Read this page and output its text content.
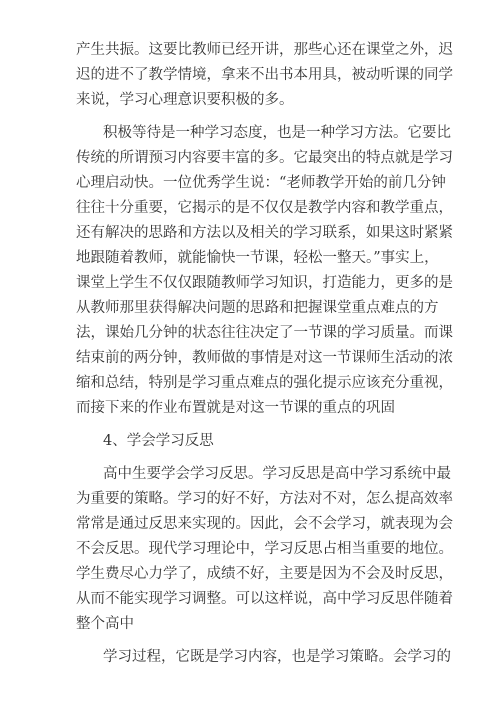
产生共振。这要比教师已经开讲，那些心还在课堂之外，迟
迟的进不了教学情境，拿来不出书本用具，被动听课的同学
来说，学习心理意识要积极的多。
积极等待是一种学习态度，也是一种学习方法。它要比
传统的所谓预习内容要丰富的多。它最突出的特点就是学习
心理启动快。一位优秀学生说：“老师教学开始的前几分钟
往往十分重要，它揭示的是不仅仅是教学内容和教学重点，
还有解决的思路和方法以及相关的学习联系，如果这时紧紧
地跟随着教师，就能愉快一节课，轻松一整天。”事实上，
课堂上学生不仅仅跟随教师学习知识，打造能力，更多的是
从教师那里获得解决问题的思路和把握课堂重点难点的方
法，课始几分钟的状态往往决定了一节课的学习质量。而课
结束前的两分钟，教师做的事情是对这一节课师生活动的浓
缩和总结，特别是学习重点难点的强化提示应该充分重视，
而接下来的作业布置就是对这一节课的重点的巩固
4、学会学习反思
高中生要学会学习反思。学习反思是高中学习系统中最
为重要的策略。学习的好不好，方法对不对，怎么提高效率
常常是通过反思来实现的。因此，会不会学习，就表现为会
不会反思。现代学习理论中，学习反思占相当重要的地位。
学生费尽心力学了，成绩不好，主要是因为不会及时反思，
从而不能实现学习调整。可以这样说，高中学习反思伴随着
整个高中
学习过程，它既是学习内容，也是学习策略。会学习的
